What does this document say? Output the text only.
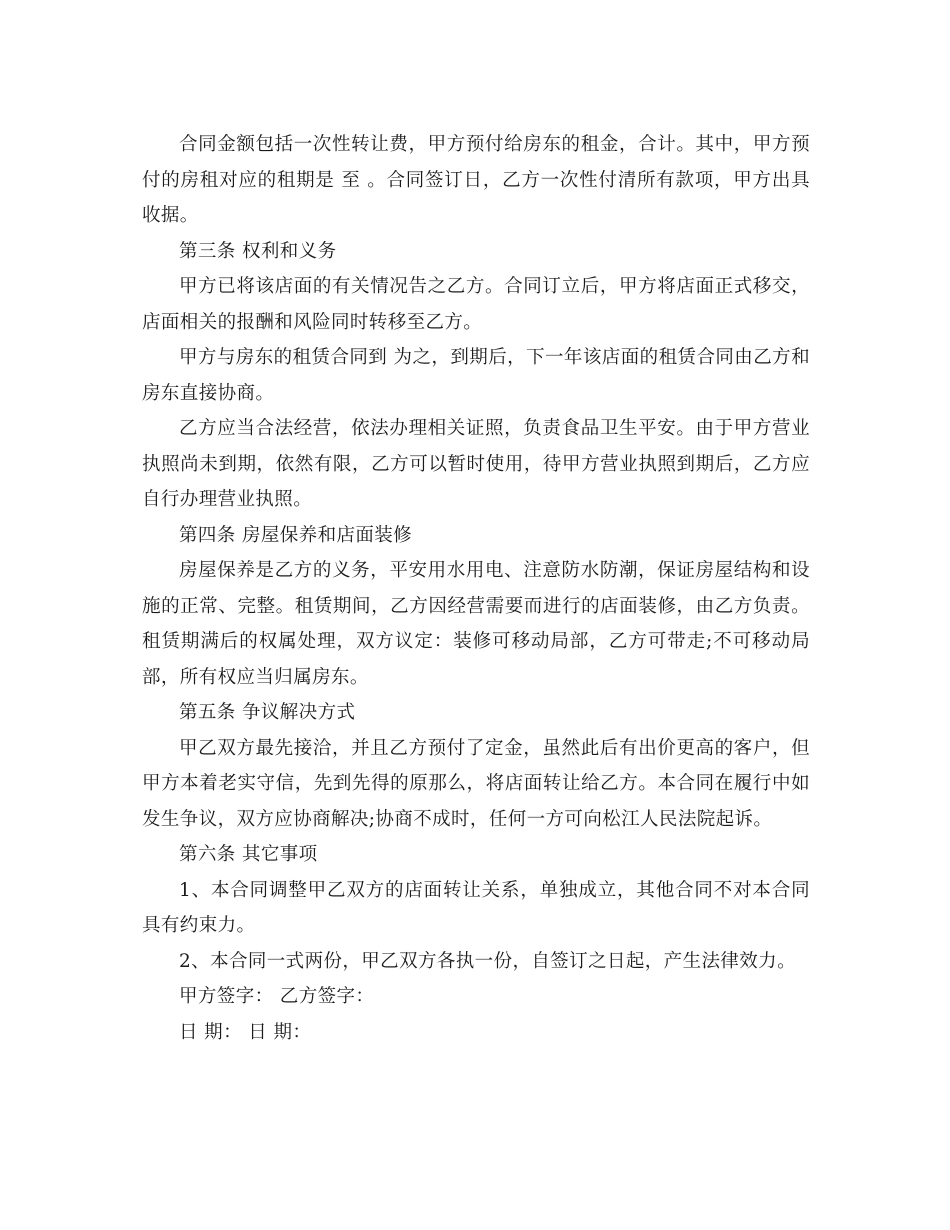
合同金额包括一次性转让费，甲方预付给房东的租金，合计。其中，甲方预付的房租对应的租期是 至 。合同签订日，乙方一次性付清所有款项，甲方出具收据。

第三条 权利和义务

甲方已将该店面的有关情况告之乙方。合同订立后，甲方将店面正式移交，店面相关的报酬和风险同时转移至乙方。

甲方与房东的租赁合同到 为之，到期后，下一年该店面的租赁合同由乙方和房东直接协商。

乙方应当合法经营，依法办理相关证照，负责食品卫生平安。由于甲方营业执照尚未到期，依然有限，乙方可以暂时使用，待甲方营业执照到期后，乙方应自行办理营业执照。

第四条 房屋保养和店面装修

房屋保养是乙方的义务，平安用水用电、注意防水防潮，保证房屋结构和设施的正常、完整。租赁期间，乙方因经营需要而进行的店面装修，由乙方负责。租赁期满后的权属处理，双方议定：装修可移动局部，乙方可带走;不可移动局部，所有权应当归属房东。

第五条 争议解决方式

甲乙双方最先接洽，并且乙方预付了定金，虽然此后有出价更高的客户，但甲方本着老实守信，先到先得的原那么，将店面转让给乙方。本合同在履行中如发生争议，双方应协商解决;协商不成时，任何一方可向松江人民法院起诉。

第六条 其它事项

1、本合同调整甲乙双方的店面转让关系，单独成立，其他合同不对本合同具有约束力。

2、本合同一式两份，甲乙双方各执一份，自签订之日起，产生法律效力。

甲方签字： 乙方签字：

日 期： 日 期：
